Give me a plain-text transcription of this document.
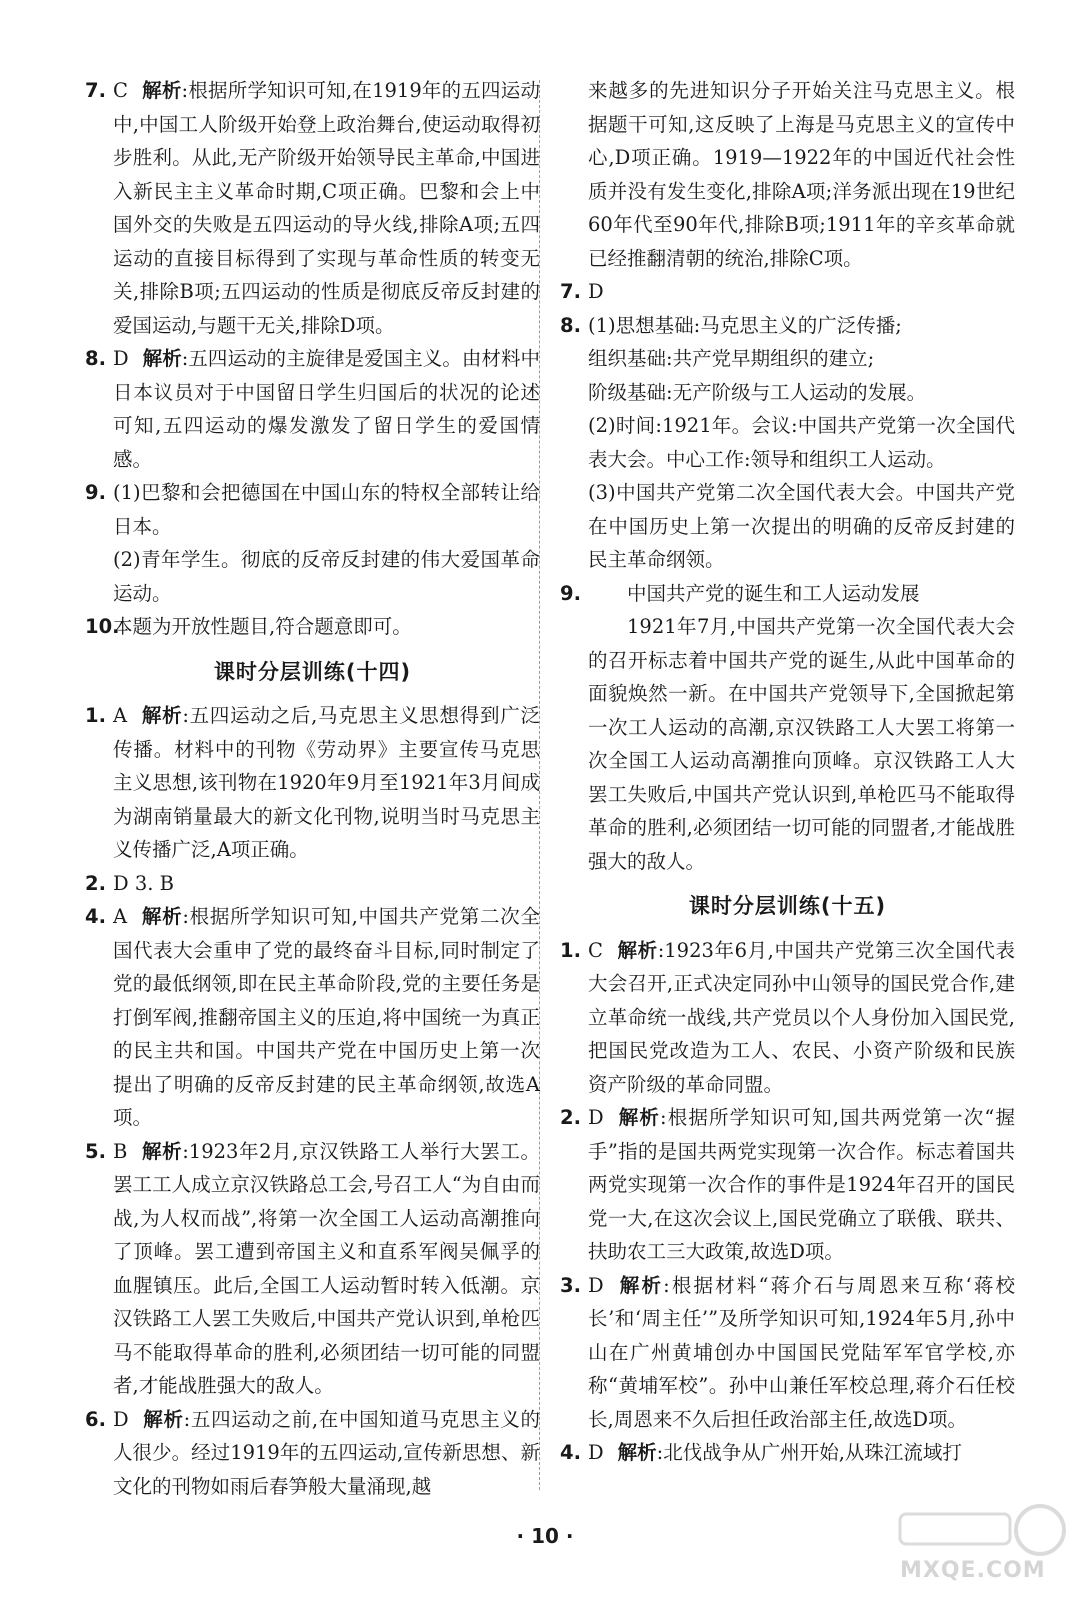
7. C 解析:根据所学知识可知,在1919年的五四运动中,中国工人阶级开始登上政治舞台,使运动取得初步胜利。从此,无产阶级开始领导民主革命,中国进入新民主主义革命时期,C项正确。巴黎和会上中国外交的失败是五四运动的导火线,排除A项;五四运动的直接目标得到了实现与革命性质的转变无关,排除B项;五四运动的性质是彻底反帝反封建的爱国运动,与题干无关,排除D项。
8. D 解析:五四运动的主旋律是爱国主义。由材料中日本议员对于中国留日学生归国后的状况的论述可知,五四运动的爆发激发了留日学生的爱国情感。
9. (1)巴黎和会把德国在中国山东的特权全部转让给日本。
(2)青年学生。彻底的反帝反封建的伟大爱国革命运动。
10.
本题为开放性题目,符合题意即可。
课时分层训练(十四)
1. A 解析:五四运动之后,马克思主义思想得到广泛传播。材料中的刊物《劳动界》主要宣传马克思主义思想,该刊物在1920年9月至1921年3月间成为湖南销量最大的新文化刊物,说明当时马克思主义传播广泛,A项正确。
2. D 3. B
4. A 解析:根据所学知识可知,中国共产党第二次全国代表大会重申了党的最终奋斗目标,同时制定了党的最低纲领,即在民主革命阶段,党的主要任务是打倒军阀,推翻帝国主义的压迫,将中国统一为真正的民主共和国。中国共产党在中国历史上第一次提出了明确的反帝反封建的民主革命纲领,故选A项。
5. B 解析:1923年2月,京汉铁路工人举行大罢工。罢工工人成立京汉铁路总工会,号召工人“为自由而战,为人权而战”,将第一次全国工人运动高潮推向了顶峰。罢工遭到帝国主义和直系军阀吴佩孚的血腥镇压。此后,全国工人运动暂时转入低潮。京汉铁路工人罢工失败后,中国共产党认识到,单枪匹马不能取得革命的胜利,必须团结一切可能的同盟者,才能战胜强大的敌人。
6. D 解析:五四运动之前,在中国知道马克思主义的人很少。经过1919年的五四运动,宣传新思想、新文化的刊物如雨后春笋般大量涌现,越
来越多的先进知识分子开始关注马克思主义。根据题干可知,这反映了上海是马克思主义的宣传中心,D项正确。1919—1922年的中国近代社会性质并没有发生变化,排除A项;洋务派出现在19世纪60年代至90年代,排除B项;1911年的辛亥革命就已经推翻清朝的统治,排除C项。
7. D
8. (1)思想基础:马克思主义的广泛传播;
组织基础:共产党早期组织的建立;
阶级基础:无产阶级与工人运动的发展。
(2)时间:1921年。会议:中国共产党第一次全国代表大会。中心工作:领导和组织工人运动。
(3)中国共产党第二次全国代表大会。中国共产党在中国历史上第一次提出的明确的反帝反封建的民主革命纲领。
9. 中国共产党的诞生和工人运动发展
1921年7月,中国共产党第一次全国代表大会的召开标志着中国共产党的诞生,从此中国革命的面貌焕然一新。在中国共产党领导下,全国掀起第一次工人运动的高潮,京汉铁路工人大罢工将第一次全国工人运动高潮推向顶峰。京汉铁路工人大罢工失败后,中国共产党认识到,单枪匹马不能取得革命的胜利,必须团结一切可能的同盟者,才能战胜强大的敌人。
课时分层训练(十五)
1. C 解析:1923年6月,中国共产党第三次全国代表大会召开,正式决定同孙中山领导的国民党合作,建立革命统一战线,共产党员以个人身份加入国民党,把国民党改造为工人、农民、小资产阶级和民族资产阶级的革命同盟。
2. D 解析:根据所学知识可知,国共两党第一次“握手”指的是国共两党实现第一次合作。标志着国共两党实现第一次合作的事件是1924年召开的国民党一大,在这次会议上,国民党确立了联俄、联共、扶助农工三大政策,故选D项。
3. D 解析:根据材料“蒋介石与周恩来互称‘蒋校长’和‘周主任’”及所学知识可知,1924年5月,孙中山在广州黄埔创办中国国民党陆军军官学校,亦称“黄埔军校”。孙中山兼任军校总理,蒋介石任校长,周恩来不久后担任政治部主任,故选D项。
4. D 解析:北伐战争从广州开始,从珠江流域打
· 10 ·
MXQE.COM
